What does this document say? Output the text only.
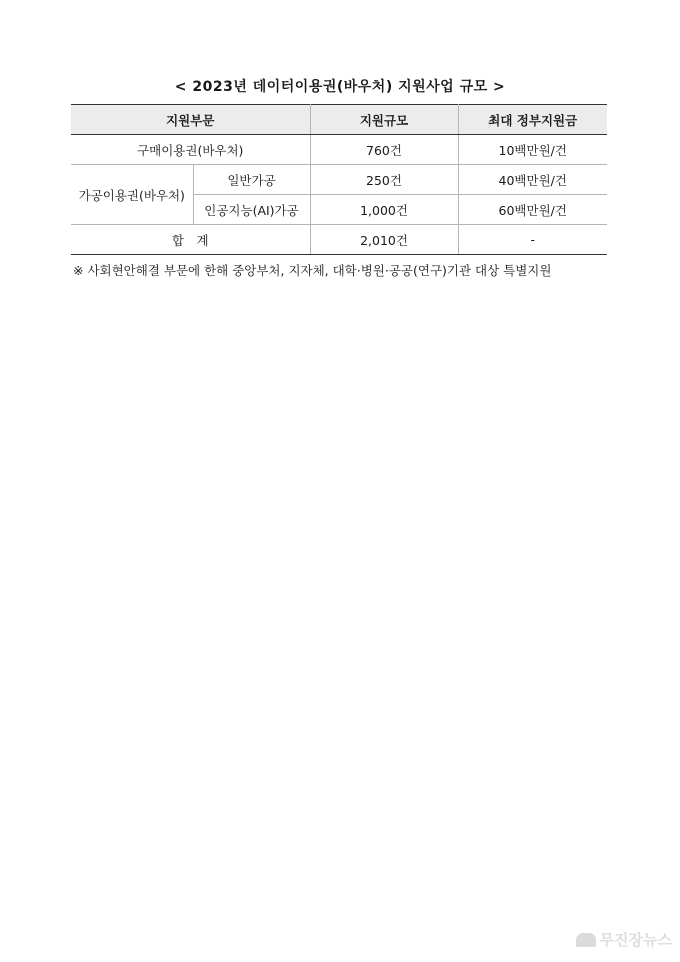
< 2023년 데이터이용권(바우처) 지원사업 규모 >
지원부문		지원규모	최대 정부지원금
구매이용권(바우처)		760건	10백만원/건
가공이용권(바우처)	일반가공	250건	40백만원/건
	인공지능(AI)가공	1,000건	60백만원/건
합　계		2,010건	-
※ 사회현안해결 부문에 한해 중앙부처, 지자체, 대학·병원·공공(연구)기관 대상 특별지원
무진장뉴스
